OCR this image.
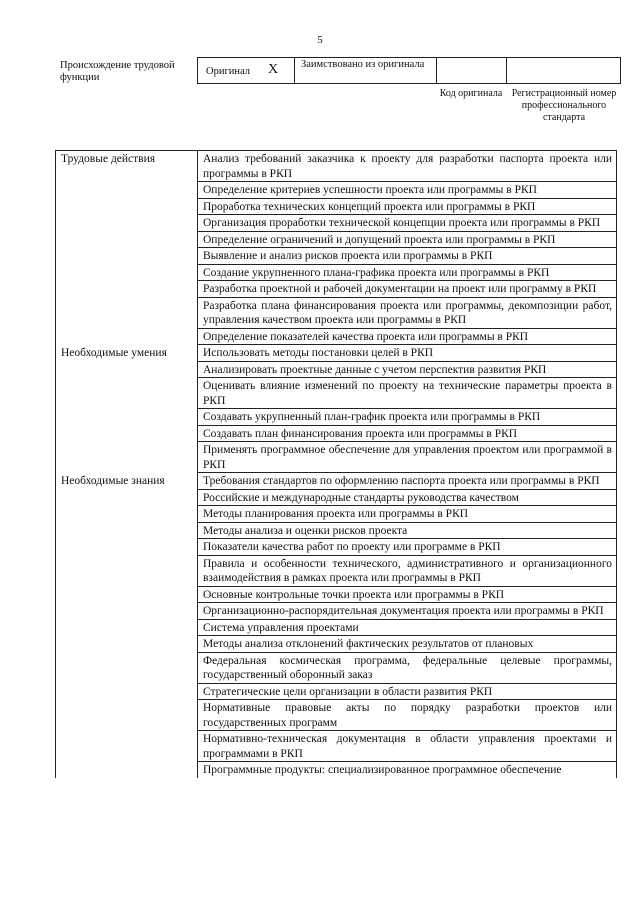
5
Происхождение трудовой функции
Оригинал X	Заимствовано из оригинала
Код оригинала Регистрационный номер профессионального стандарта
Трудовые действия	Анализ требований заказчика к проекту для разработки паспорта проекта или программы в РКП
Определение критериев успешности проекта или программы в РКП
Проработка технических концепций проекта или программы в РКП
Организация проработки технической концепции проекта или программы в РКП
Определение ограничений и допущений проекта или программы в РКП
Выявление и анализ рисков проекта или программы в РКП
Создание укрупненного плана-графика проекта или программы в РКП
Разработка проектной и рабочей документации на проект или программу в РКП
Разработка плана финансирования проекта или программы, декомпозиции работ, управления качеством проекта или программы в РКП
Определение показателей качества проекта или программы в РКП
Необходимые умения	Использовать методы постановки целей в РКП
Анализировать проектные данные с учетом перспектив развития РКП
Оценивать влияние изменений по проекту на технические параметры проекта в РКП
Создавать укрупненный план-график проекта или программы в РКП
Создавать план финансирования проекта или программы в РКП
Применять программное обеспечение для управления проектом или программой в РКП
Необходимые знания	Требования стандартов по оформлению паспорта проекта или программы в РКП
Российские и международные стандарты руководства качеством
Методы планирования проекта или программы в РКП
Методы анализа и оценки рисков проекта
Показатели качества работ по проекту или программе в РКП
Правила и особенности технического, административного и организационного взаимодействия в рамках проекта или программы в РКП
Основные контрольные точки проекта или программы в РКП
Организационно-распорядительная документация проекта или программы в РКП
Система управления проектами
Методы анализа отклонений фактических результатов от плановых
Федеральная космическая программа, федеральные целевые программы, государственный оборонный заказ
Стратегические цели организации в области развития РКП
Нормативные правовые акты по порядку разработки проектов или государственных программ
Нормативно-техническая документация в области управления проектами и программами в РКП
Программные продукты: специализированное программное обеспечение
